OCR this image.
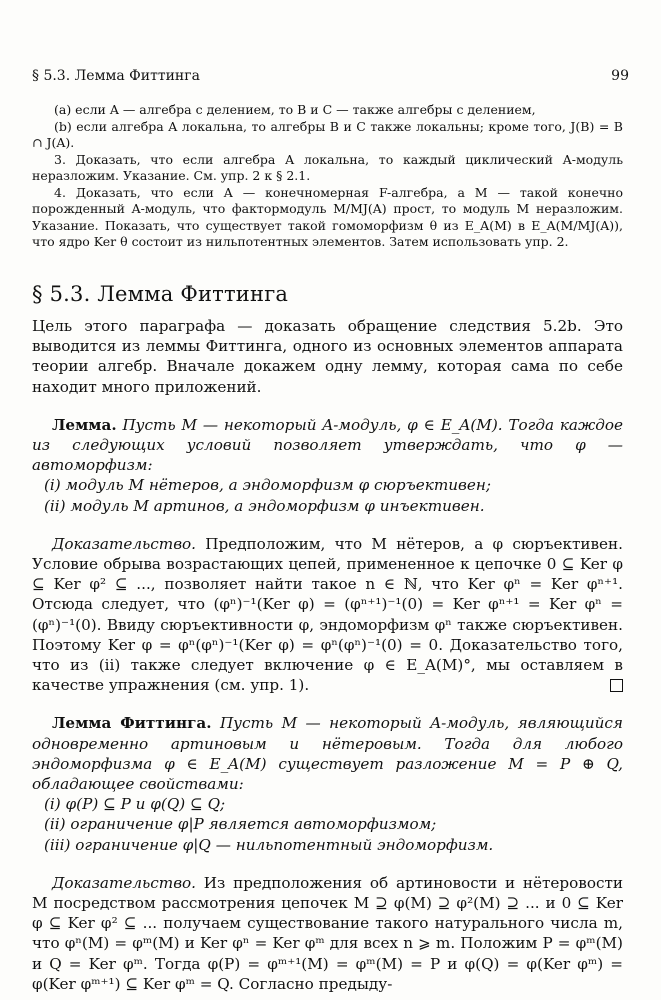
§ 5.3. Лемма Фиттинга	99

(a) если A — алгебра с делением, то B и C — также алгебры с делением,

(b) если алгебра A локальна, то алгебры B и C также локальны; кроме того, J(B) = B ∩ J(A).

3. Доказать, что если алгебра A локальна, то каждый циклический A-модуль неразложим. Указание. См. упр. 2 к § 2.1.

4. Доказать, что если A — конечномерная F-алгебра, а M — такой конечно порожденный A-модуль, что фактормодуль M/MJ(A) прост, то модуль M неразложим. Указание. Показать, что существует такой гомоморфизм θ из E_A(M) в E_A(M/MJ(A)), что ядро Ker θ состоит из нильпотентных элементов. Затем использовать упр. 2.

§ 5.3. Лемма Фиттинга

Цель этого параграфа — доказать обращение следствия 5.2b. Это выводится из леммы Фиттинга, одного из основных элементов аппарата теории алгебр. Вначале докажем одну лемму, которая сама по себе находит много приложений.

Лемма. Пусть M — некоторый A-модуль, φ ∈ E_A(M). Тогда каждое из следующих условий позволяет утверждать, что φ — автоморфизм:

(i) модуль M нётеров, а эндоморфизм φ сюръективен;

(ii) модуль M артинов, а эндоморфизм φ инъективен.

Доказательство. Предположим, что M нётеров, а φ сюръективен. Условие обрыва возрастающих цепей, примененное к цепочке 0 ⊆ Ker φ ⊆ Ker φ² ⊆ ..., позволяет найти такое n ∈ ℕ, что Ker φⁿ = Ker φⁿ⁺¹. Отсюда следует, что (φⁿ)⁻¹(Ker φ) = (φⁿ⁺¹)⁻¹(0) = Ker φⁿ⁺¹ = Ker φⁿ = (φⁿ)⁻¹(0). Ввиду сюръективности φ, эндоморфизм φⁿ также сюръективен. Поэтому Ker φ = φⁿ(φⁿ)⁻¹(Ker φ) = φⁿ(φⁿ)⁻¹(0) = 0. Доказательство того, что из (ii) также следует включение φ ∈ E_A(M)°, мы оставляем в качестве упражнения (см. упр. 1).

Лемма Фиттинга. Пусть M — некоторый A-модуль, являющийся одновременно артиновым и нётеровым. Тогда для любого эндоморфизма φ ∈ E_A(M) существует разложение M = P ⊕ Q, обладающее свойствами:

(i) φ(P) ⊆ P и φ(Q) ⊆ Q;

(ii) ограничение φ|P является автоморфизмом;

(iii) ограничение φ|Q — нильпотентный эндоморфизм.

Доказательство. Из предположения об артиновости и нётеровости M посредством рассмотрения цепочек M ⊇ φ(M) ⊇ φ²(M) ⊇ ... и 0 ⊆ Ker φ ⊆ Ker φ² ⊆ ... получаем существование такого натурального числа m, что φⁿ(M) = φᵐ(M) и Ker φⁿ = Ker φᵐ для всех n ⩾ m. Положим P = φᵐ(M) и Q = Ker φᵐ. Тогда φ(P) = φᵐ⁺¹(M) = φᵐ(M) = P и φ(Q) = φ(Ker φᵐ) = φ(Ker φᵐ⁺¹) ⊆ Ker φᵐ = Q. Согласно предыду-
